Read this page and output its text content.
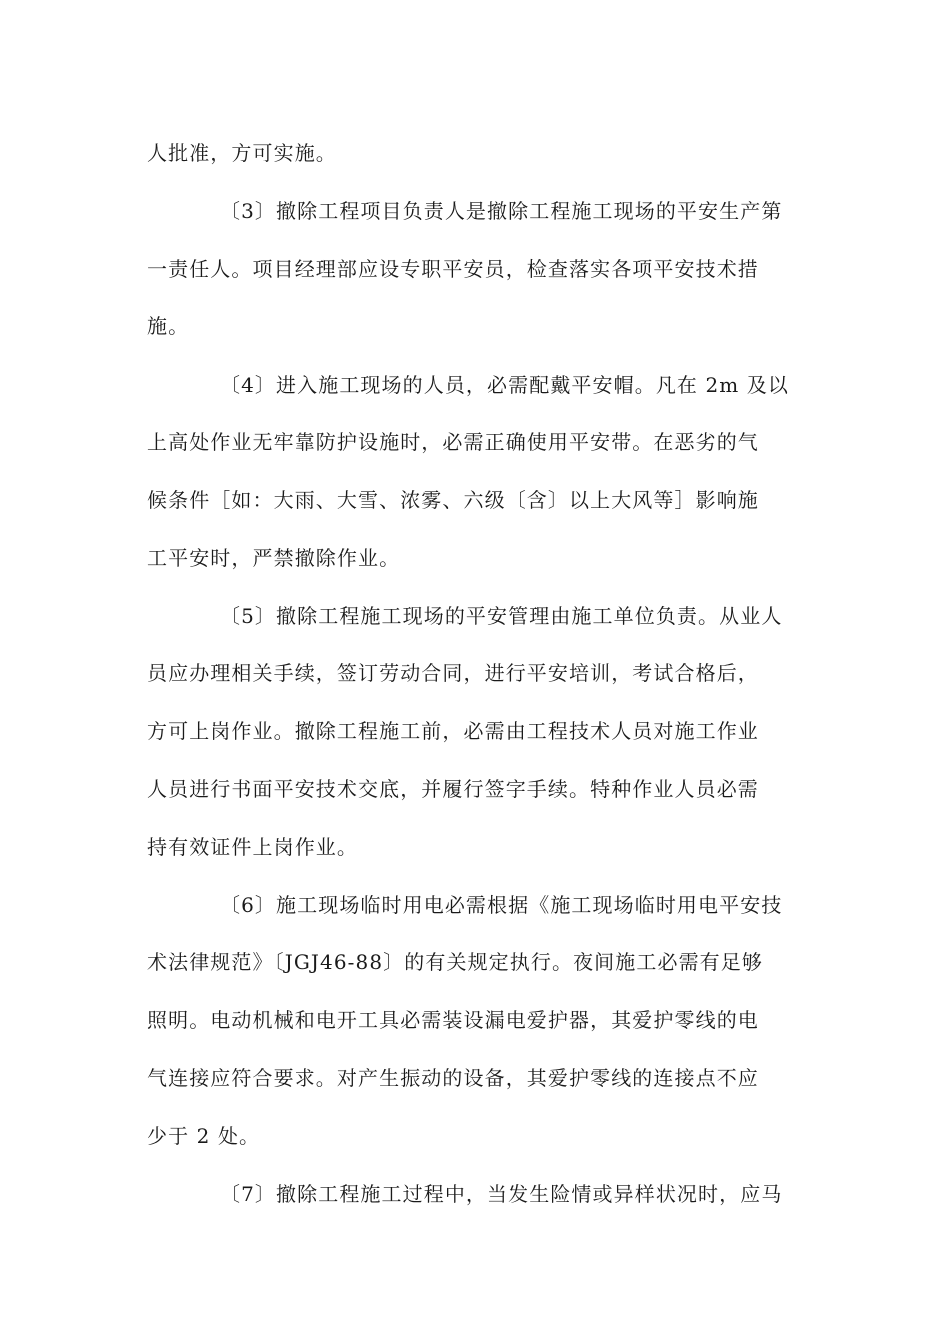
人批准，方可实施。

〔3〕撤除工程项目负责人是撤除工程施工现场的平安生产第

一责任人。项目经理部应设专职平安员，检查落实各项平安技术措

施。

〔4〕进入施工现场的人员，必需配戴平安帽。凡在 2m 及以

上高处作业无牢靠防护设施时，必需正确使用平安带。在恶劣的气

候条件［如：大雨、大雪、浓雾、六级〔含〕以上大风等］影响施

工平安时，严禁撤除作业。

〔5〕撤除工程施工现场的平安管理由施工单位负责。从业人

员应办理相关手续，签订劳动合同，进行平安培训，考试合格后，

方可上岗作业。撤除工程施工前，必需由工程技术人员对施工作业

人员进行书面平安技术交底，并履行签字手续。特种作业人员必需

持有效证件上岗作业。

〔6〕施工现场临时用电必需根据《施工现场临时用电平安技

术法律规范》〔JGJ46-88〕的有关规定执行。夜间施工必需有足够

照明。电动机械和电开工具必需装设漏电爱护器，其爱护零线的电

气连接应符合要求。对产生振动的设备，其爱护零线的连接点不应

少于 2 处。

〔7〕撤除工程施工过程中，当发生险情或异样状况时，应马
